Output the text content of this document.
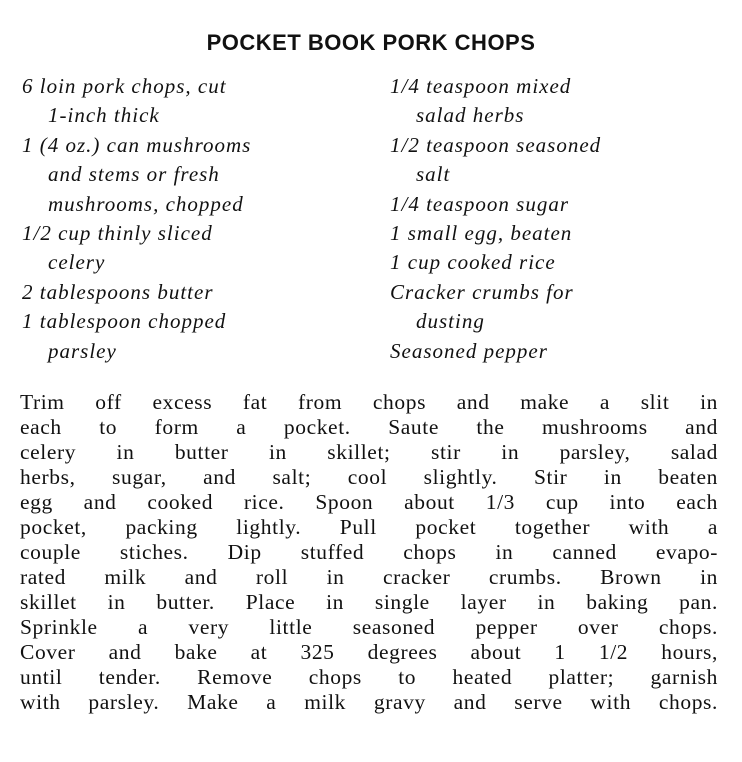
POCKET BOOK PORK CHOPS
6 loin pork chops, cut
1-inch thick
1 (4 oz.) can mushrooms
and stems or fresh
mushrooms, chopped
1/2 cup thinly sliced
celery
2 tablespoons butter
1 tablespoon chopped
parsley
1/4 teaspoon mixed
salad herbs
1/2 teaspoon seasoned
salt
1/4 teaspoon sugar
1 small egg, beaten
1 cup cooked rice
Cracker crumbs for
dusting
Seasoned pepper
Trim off excess fat from chops and make a slit in
each to form a pocket. Saute the mushrooms and
celery in butter in skillet; stir in parsley, salad
herbs, sugar, and salt; cool slightly. Stir in beaten
egg and cooked rice. Spoon about 1/3 cup into each
pocket, packing lightly. Pull pocket together with a
couple stiches. Dip stuffed chops in canned evapo-
rated milk and roll in cracker crumbs. Brown in
skillet in butter. Place in single layer in baking pan.
Sprinkle a very little seasoned pepper over chops.
Cover and bake at 325 degrees about 1 1/2 hours,
until tender. Remove chops to heated platter; garnish
with parsley. Make a milk gravy and serve with chops.
